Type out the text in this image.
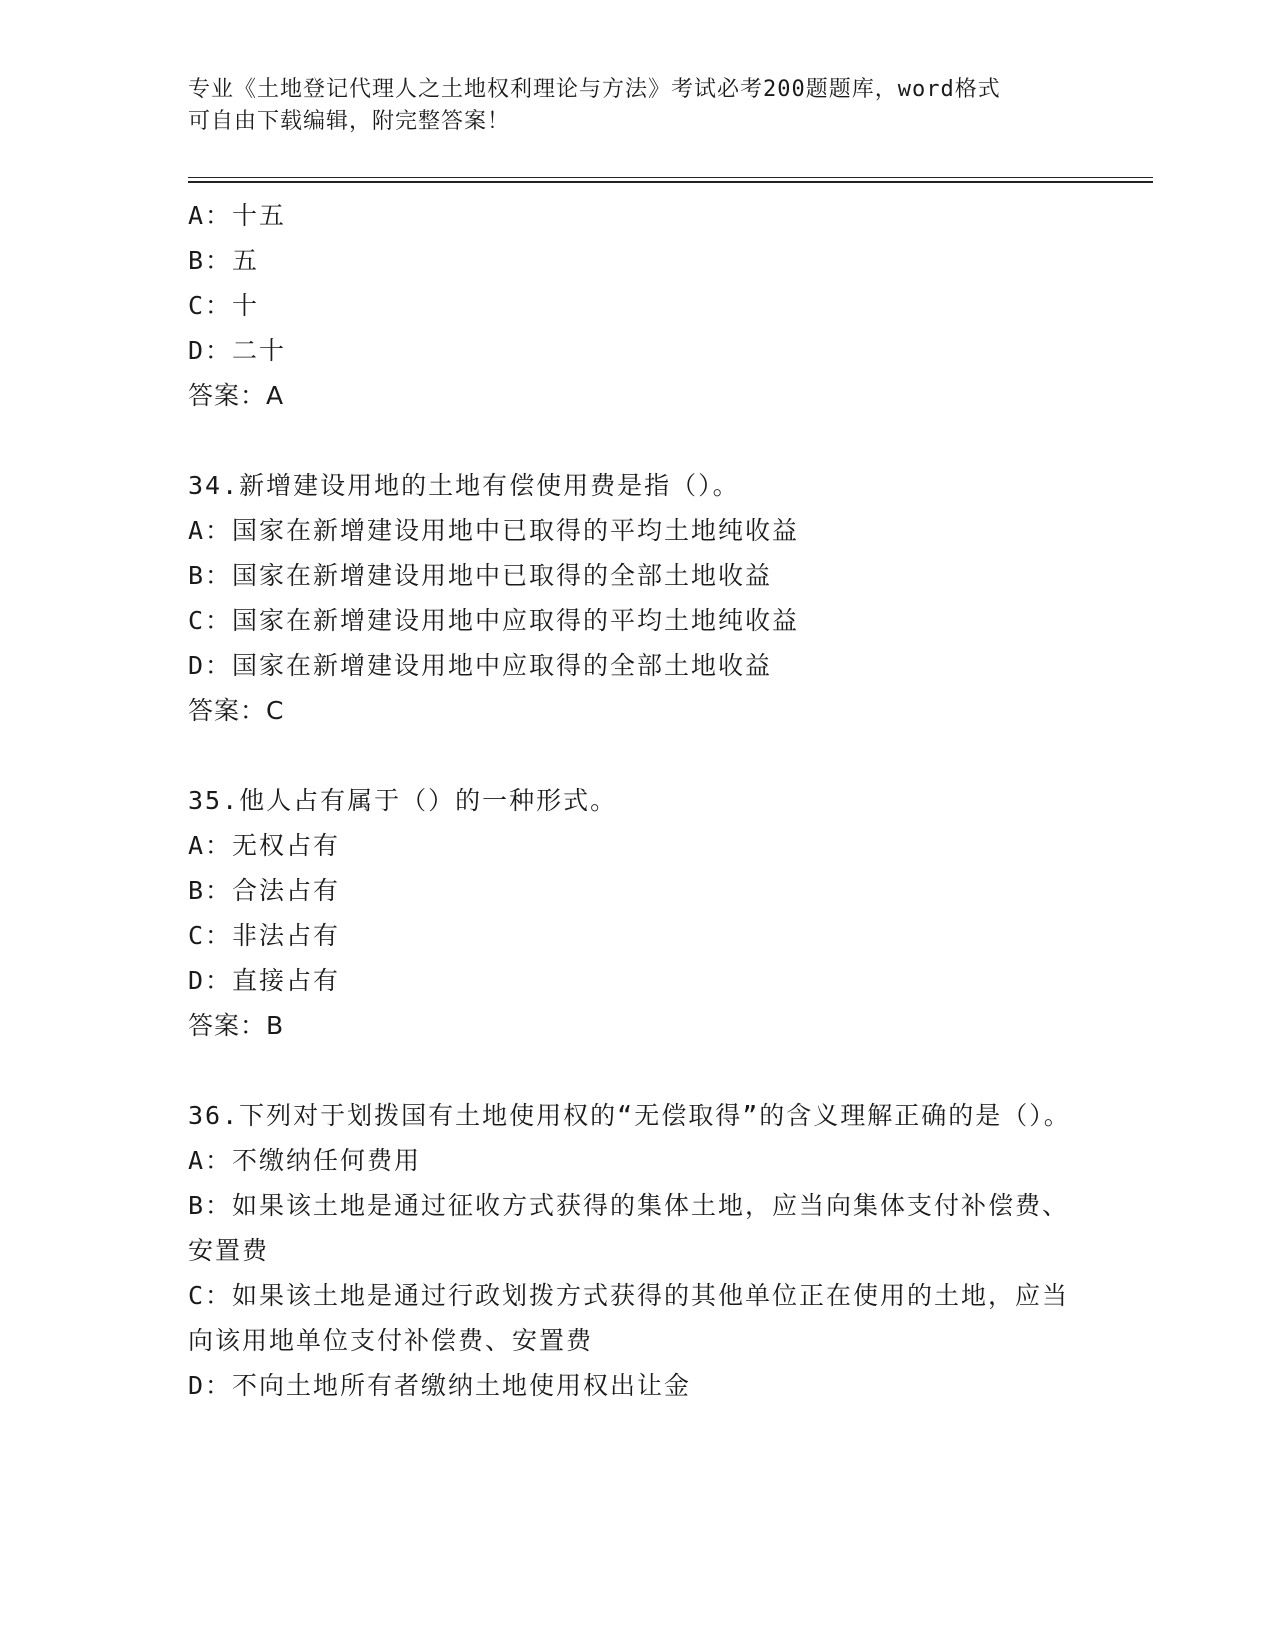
专业《土地登记代理人之土地权利理论与方法》考试必考200题题库，word格式
可自由下载编辑，附完整答案！
A：十五
B：五
C：十
D：二十
答案：A
34.新增建设用地的土地有偿使用费是指（）。
A：国家在新增建设用地中已取得的平均土地纯收益
B：国家在新增建设用地中已取得的全部土地收益
C：国家在新增建设用地中应取得的平均土地纯收益
D：国家在新增建设用地中应取得的全部土地收益
答案：C
35.他人占有属于（）的一种形式。
A：无权占有
B：合法占有
C：非法占有
D：直接占有
答案：B
36.下列对于划拨国有土地使用权的“无偿取得”的含义理解正确的是（）。
A：不缴纳任何费用
B：如果该土地是通过征收方式获得的集体土地，应当向集体支付补偿费、安置费
C：如果该土地是通过行政划拨方式获得的其他单位正在使用的土地，应当向该用地单位支付补偿费、安置费
D：不向土地所有者缴纳土地使用权出让金
